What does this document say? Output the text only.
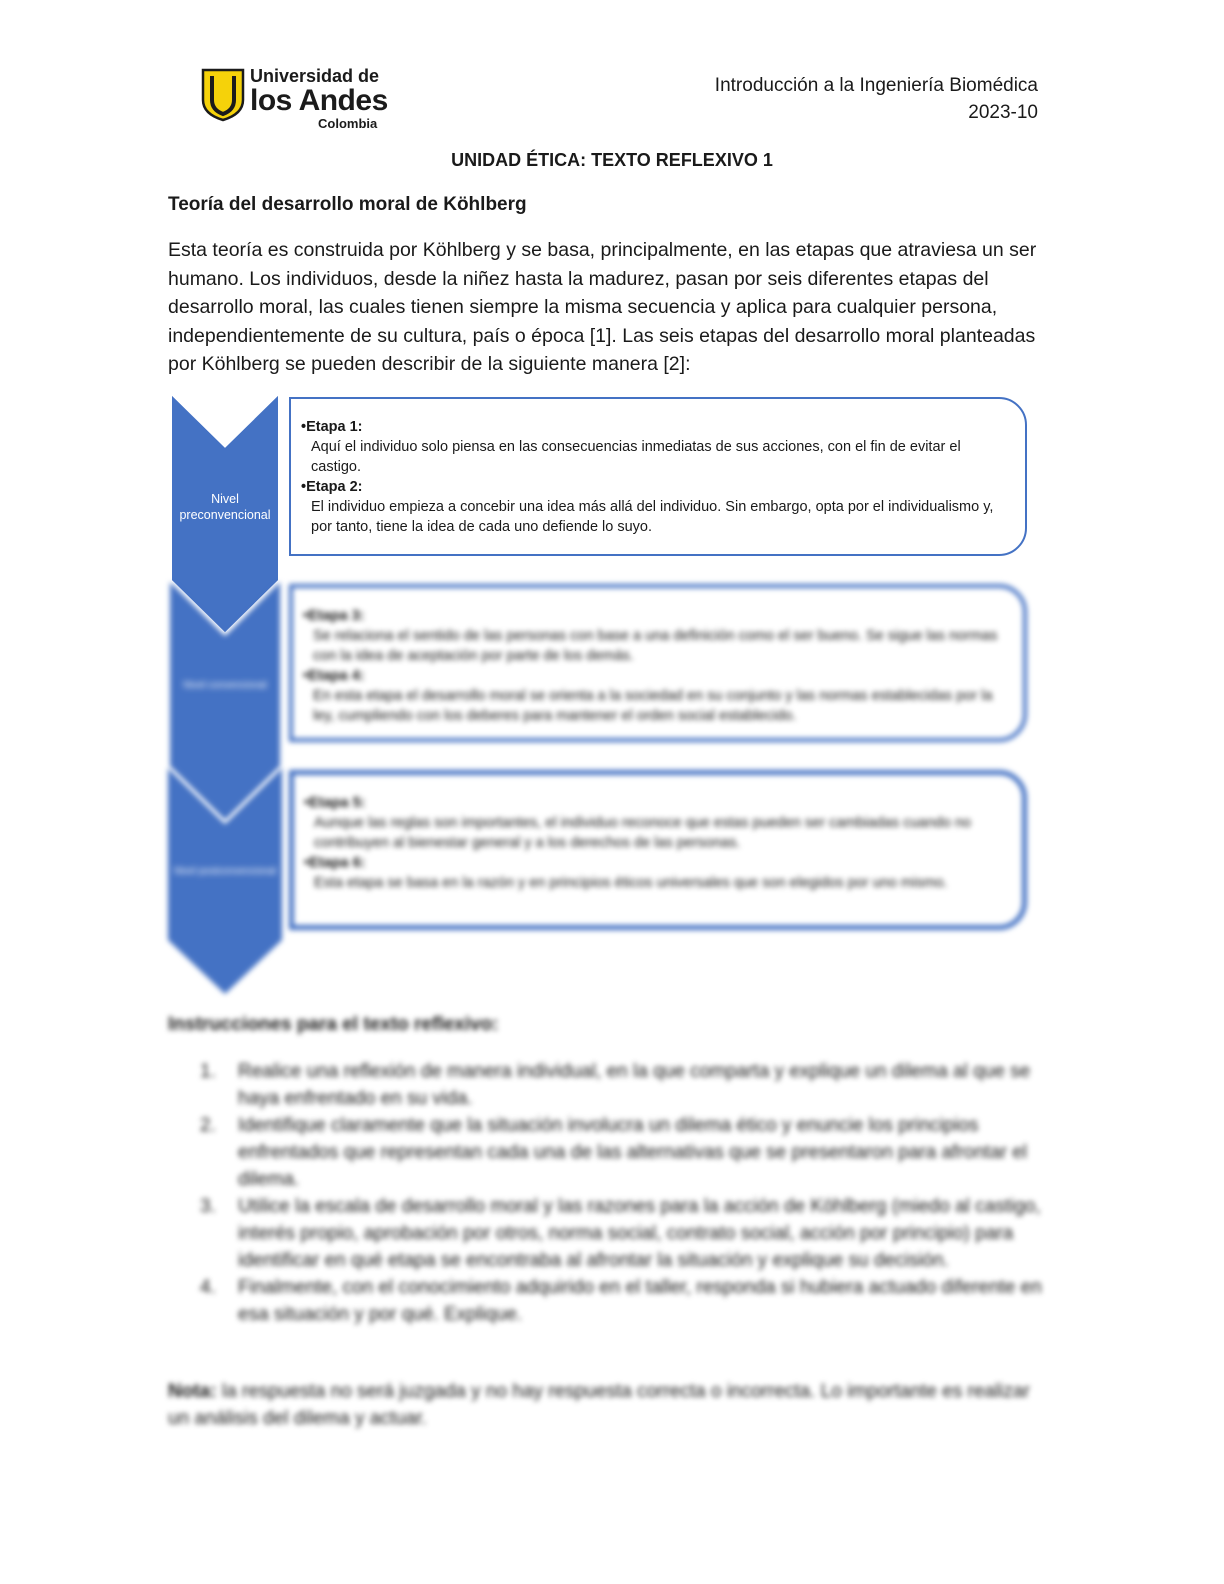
Universidad de
los Andes
Colombia
Introducción a la Ingeniería Biomédica
2023-10
UNIDAD ÉTICA: TEXTO REFLEXIVO 1
Teoría del desarrollo moral de Köhlberg
Esta teoría es construida por Köhlberg y se basa, principalmente, en las etapas que atraviesa un ser humano. Los individuos, desde la niñez hasta la madurez, pasan por seis diferentes etapas del desarrollo moral, las cuales tienen siempre la misma secuencia y aplica para cualquier persona, independientemente de su cultura, país o época [1]. Las seis etapas del desarrollo moral planteadas por Köhlberg se pueden describir de la siguiente manera [2]:
Nivel preconvencional
Nivel convencional
Nivel postconvencional
•Etapa 1:
Aquí el individuo solo piensa en las consecuencias inmediatas de sus acciones, con el fin de evitar el castigo.
•Etapa 2:
El individuo empieza a concebir una idea más allá del individuo. Sin embargo, opta por el individualismo y, por tanto, tiene la idea de cada uno defiende lo suyo.
•Etapa 3:
Se relaciona el sentido de las personas con base a una definición como el ser bueno. Se sigue las normas con la idea de aceptación por parte de los demás.
•Etapa 4:
En esta etapa el desarrollo moral se orienta a la sociedad en su conjunto y las normas establecidas por la ley, cumpliendo con los deberes para mantener el orden social establecido.
•Etapa 5:
Aunque las reglas son importantes, el individuo reconoce que estas pueden ser cambiadas cuando no contribuyen al bienestar general y a los derechos de las personas.
•Etapa 6:
Esta etapa se basa en la razón y en principios éticos universales que son elegidos por uno mismo.
Instrucciones para el texto reflexivo:
1. Realice una reflexión de manera individual, en la que comparta y explique un dilema al que se haya enfrentado en su vida.
2. Identifique claramente que la situación involucra un dilema ético y enuncie los principios enfrentados que representan cada una de las alternativas que se presentaron para afrontar el dilema.
3. Utilice la escala de desarrollo moral y las razones para la acción de Köhlberg (miedo al castigo, interés propio, aprobación por otros, norma social, contrato social, acción por principio) para identificar en qué etapa se encontraba al afrontar la situación y explique su decisión.
4. Finalmente, con el conocimiento adquirido en el taller, responda si hubiera actuado diferente en esa situación y por qué. Explique.
Nota: la respuesta no será juzgada y no hay respuesta correcta o incorrecta. Lo importante es realizar un análisis del dilema y actuar.
